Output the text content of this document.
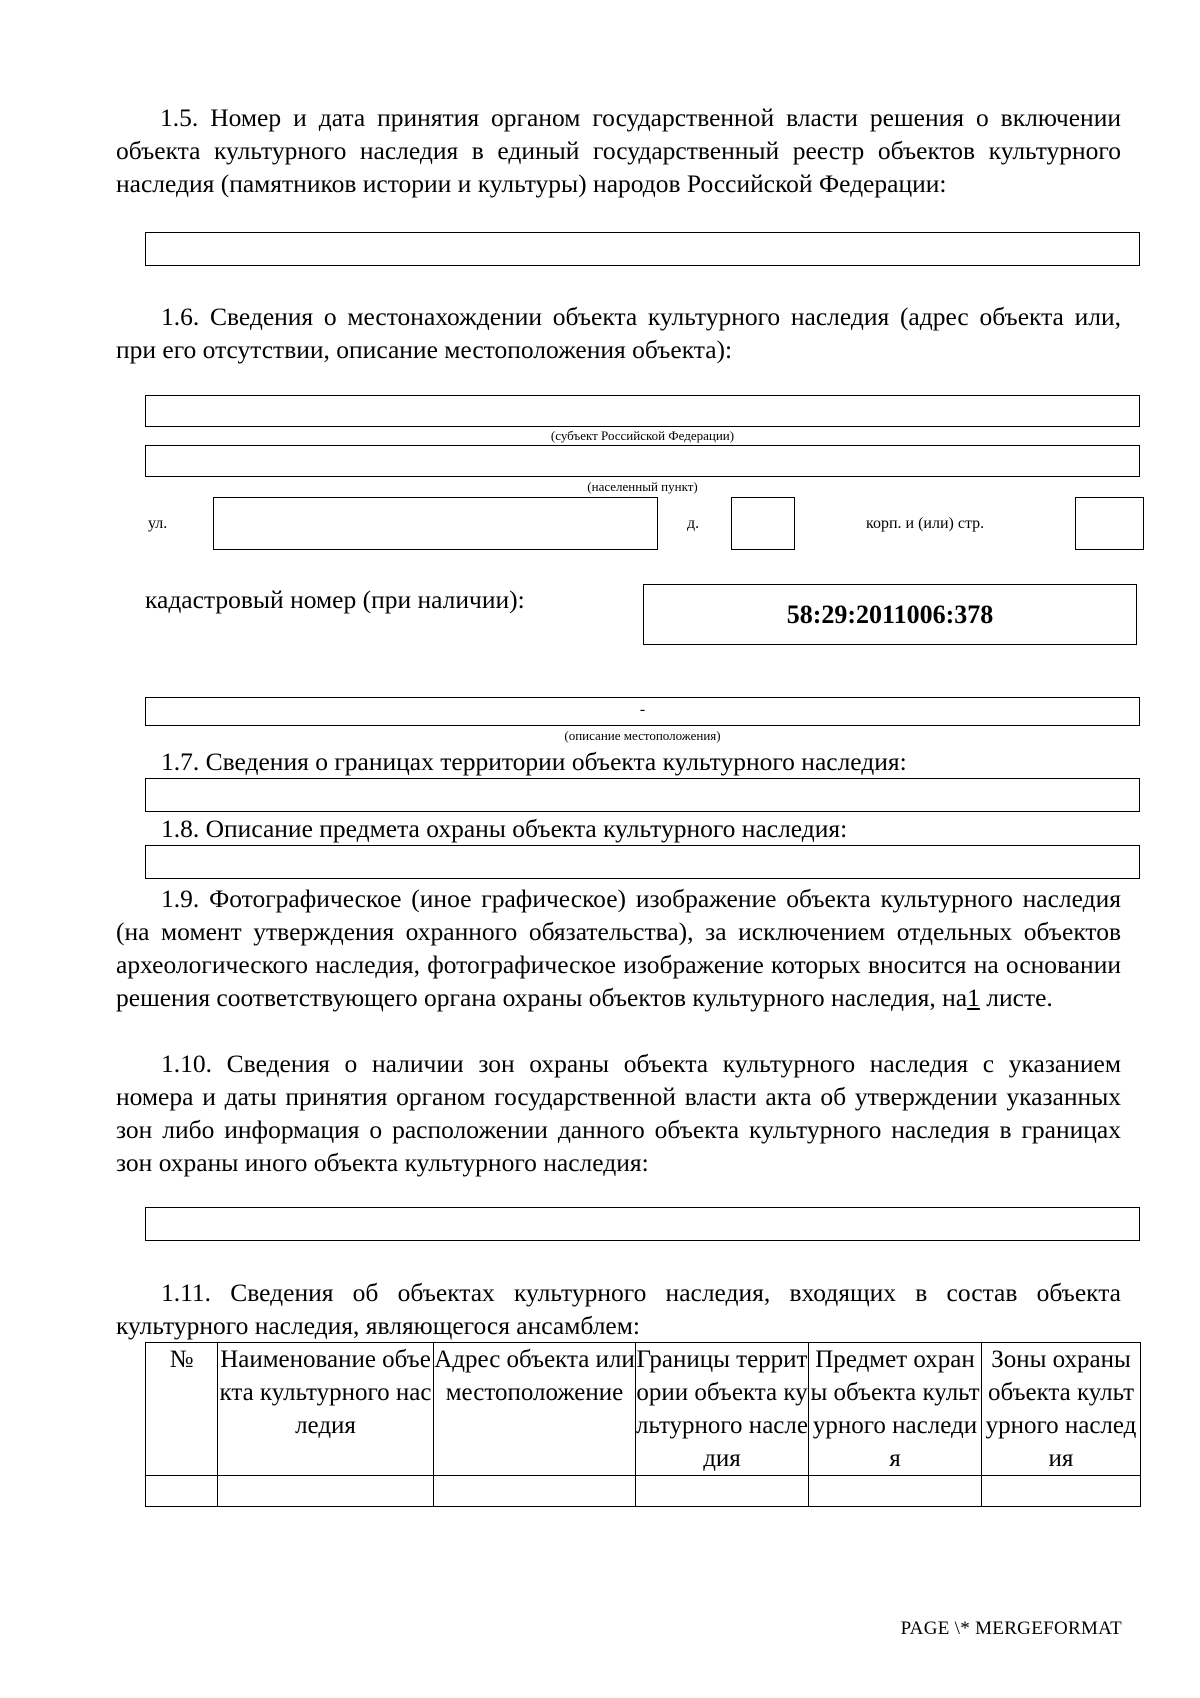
1.5. Номер и дата принятия органом государственной власти решения о включении объекта культурного наследия в единый государственный реестр объектов культурного наследия (памятников истории и культуры) народов Российской Федерации:

1.6. Сведения о местонахождении объекта культурного наследия (адрес объекта или, при его отсутствии, описание местоположения объекта):

(субъект Российской Федерации)
(населенный пункт)
ул.	д.	корп. и (или) стр.
кадастровый номер (при наличии):	58:29:2011006:378
-
(описание местоположения)

1.7. Сведения о границах территории объекта культурного наследия:

1.8. Описание предмета охраны объекта культурного наследия:

1.9. Фотографическое (иное графическое) изображение объекта культурного наследия (на момент утверждения охранного обязательства), за исключением отдельных объектов археологического наследия, фотографическое изображение которых вносится на основании решения соответствующего органа охраны объектов культурного наследия, на1 листе.

1.10. Сведения о наличии зон охраны объекта культурного наследия с указанием номера и даты принятия органом государственной власти акта об утверждении указанных зон либо информация о расположении данного объекта культурного наследия в границах зон охраны иного объекта культурного наследия:

1.11. Сведения об объектах культурного наследия, входящих в состав объекта культурного наследия, являющегося ансамблем:

№	Наименование объекта культурного наследия	Адрес объекта или местоположение	Границы территории объекта культурного наследия	Предмет охраны объекта культурного наследия	Зоны охраны объекта культурного наследия

PAGE \* MERGEFORMAT
